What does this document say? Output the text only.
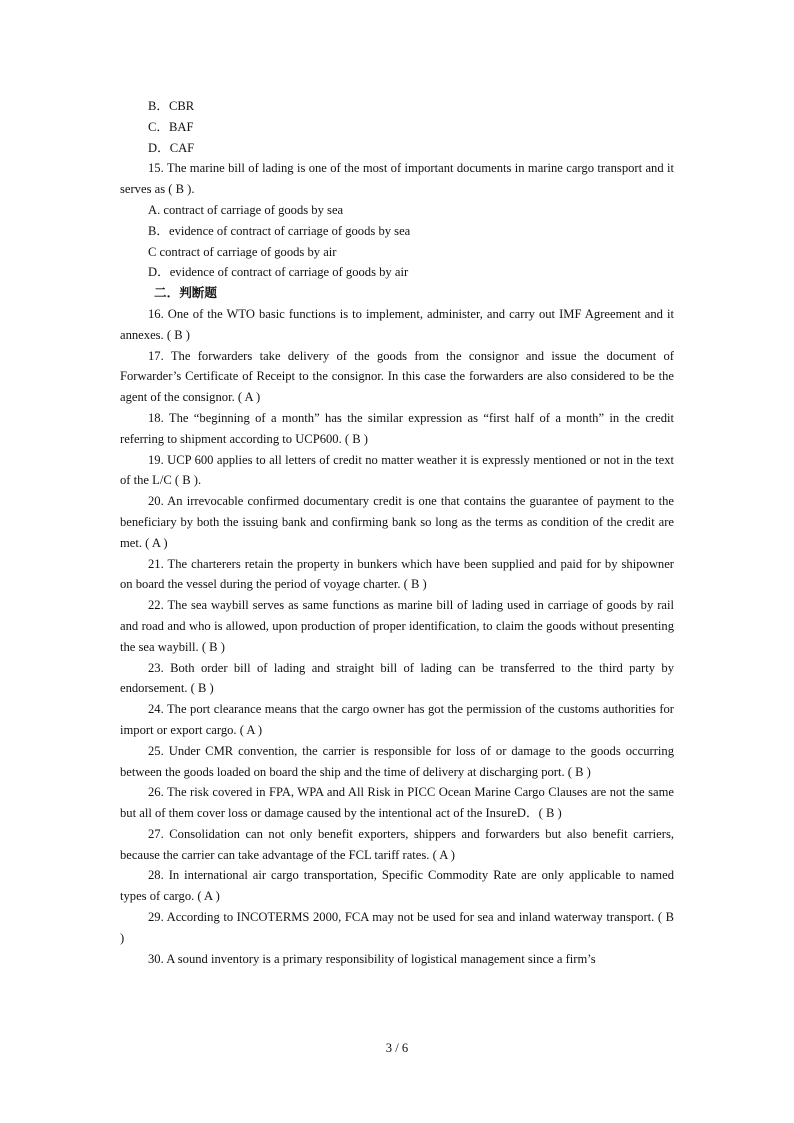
B．CBR
C．BAF
D．CAF
15. The marine bill of lading is one of the most of important documents in marine cargo transport and it serves as ( B ).
A. contract of carriage of goods by sea
B．evidence of contract of carriage of goods by sea
C contract of carriage of goods by air
D．evidence of contract of carriage of goods by air
二．判断题
16. One of the WTO basic functions is to implement, administer, and carry out IMF Agreement and it annexes. ( B )
17. The forwarders take delivery of the goods from the consignor and issue the document of Forwarder’s Certificate of Receipt to the consignor. In this case the forwarders are also considered to be the agent of the consignor. ( A )
18. The “beginning of a month” has the similar expression as “first half of a month” in the credit referring to shipment according to UCP600. ( B )
19. UCP 600 applies to all letters of credit no matter weather it is expressly mentioned or not in the text of the L/C ( B ).
20. An irrevocable confirmed documentary credit is one that contains the guarantee of payment to the beneficiary by both the issuing bank and confirming bank so long as the terms as condition of the credit are met. ( A )
21. The charterers retain the property in bunkers which have been supplied and paid for by shipowner on board the vessel during the period of voyage charter. ( B )
22. The sea waybill serves as same functions as marine bill of lading used in carriage of goods by rail and road and who is allowed, upon production of proper identification, to claim the goods without presenting the sea waybill. ( B )
23. Both order bill of lading and straight bill of lading can be transferred to the third party by endorsement. ( B )
24. The port clearance means that the cargo owner has got the permission of the customs authorities for import or export cargo. ( A )
25. Under CMR convention, the carrier is responsible for loss of or damage to the goods occurring between the goods loaded on board the ship and the time of delivery at discharging port. ( B )
26. The risk covered in FPA, WPA and All Risk in PICC Ocean Marine Cargo Clauses are not the same but all of them cover loss or damage caused by the intentional act of the InsureD．( B )
27. Consolidation can not only benefit exporters, shippers and forwarders but also benefit carriers, because the carrier can take advantage of the FCL tariff rates. ( A )
28. In international air cargo transportation, Specific Commodity Rate are only applicable to named types of cargo. ( A )
29. According to INCOTERMS 2000, FCA may not be used for sea and inland waterway transport. ( B )
30. A sound inventory is a primary responsibility of logistical management since a firm’s
3 / 6
